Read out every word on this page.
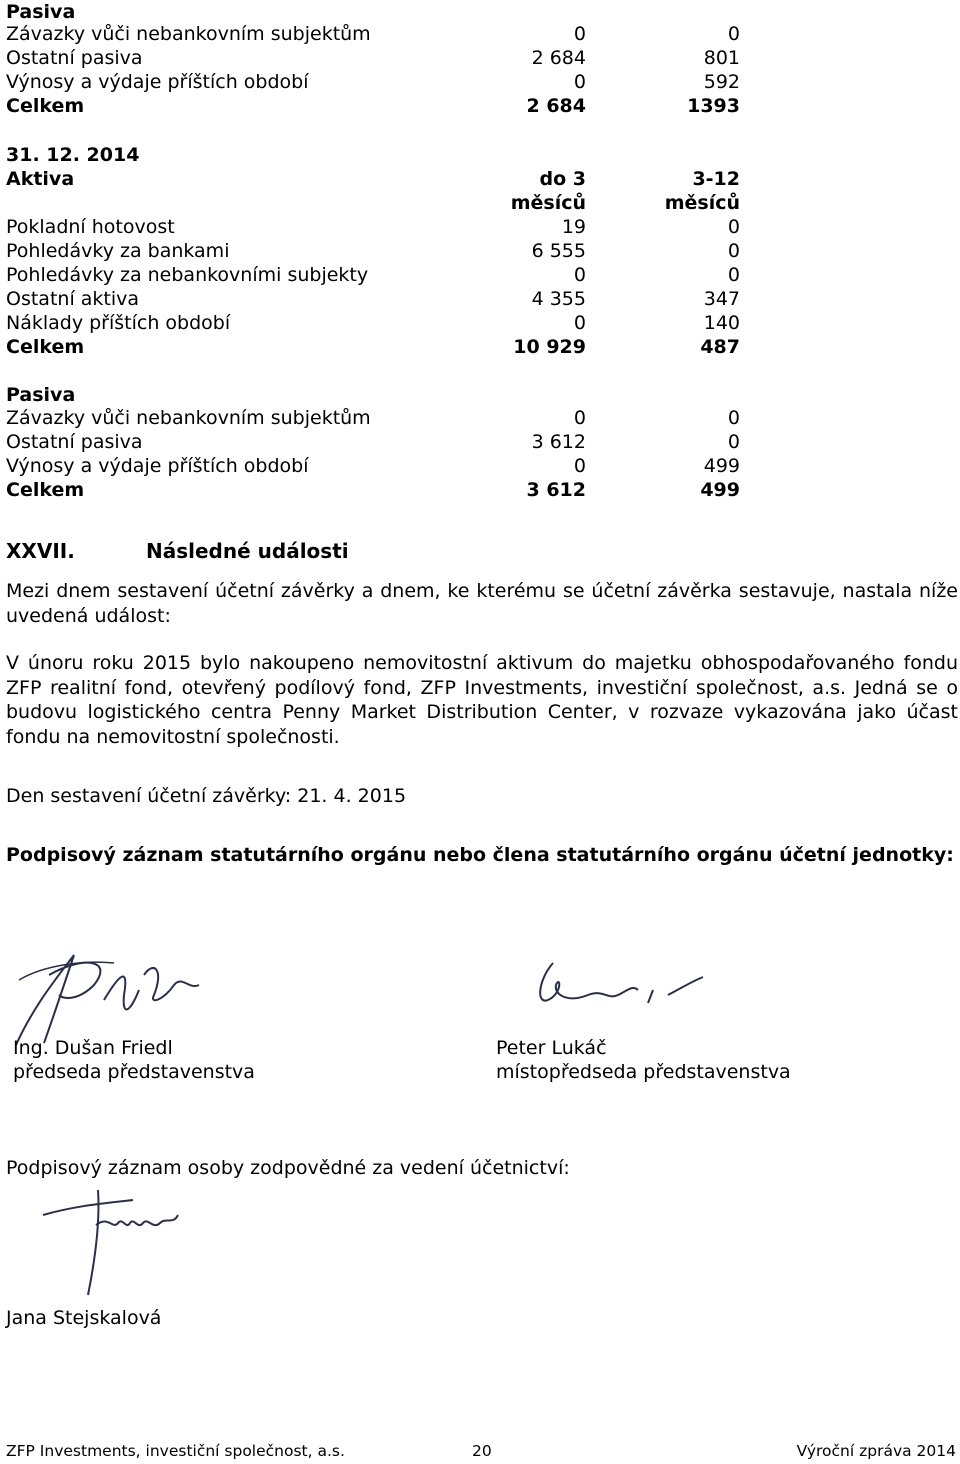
Pasiva
Závazky vůči nebankovním subjektům	0	0
Ostatní pasiva	2 684	801
Výnosy a výdaje příštích období	0	592
Celkem	2 684	1393
31. 12. 2014
Aktiva	do 3	3-12
měsíců	měsíců
Pokladní hotovost	19	0
Pohledávky za bankami	6 555	0
Pohledávky za nebankovními subjekty	0	0
Ostatní aktiva	4 355	347
Náklady příštích období	0	140
Celkem	10 929	487
Pasiva
Závazky vůči nebankovním subjektům	0	0
Ostatní pasiva	3 612	0
Výnosy a výdaje příštích období	0	499
Celkem	3 612	499
XXVII.	Následné události
Mezi dnem sestavení účetní závěrky a dnem, ke kterému se účetní závěrka sestavuje, nastala níže uvedená událost:
V únoru roku 2015 bylo nakoupeno nemovitostní aktivum do majetku obhospodařovaného fondu ZFP realitní fond, otevřený podílový fond, ZFP Investments, investiční společnost, a.s. Jedná se o budovu logistického centra Penny Market Distribution Center, v rozvaze vykazována jako účast fondu na nemovitostní společnosti.
Den sestavení účetní závěrky: 21. 4. 2015
Podpisový záznam statutárního orgánu nebo člena statutárního orgánu účetní jednotky:
Ing. Dušan Friedl
předseda představenstva
Peter Lukáč
místopředseda představenstva
Podpisový záznam osoby zodpovědné za vedení účetnictví:
Jana Stejskalová
ZFP Investments, investiční společnost, a.s.	20	Výroční zpráva 2014
